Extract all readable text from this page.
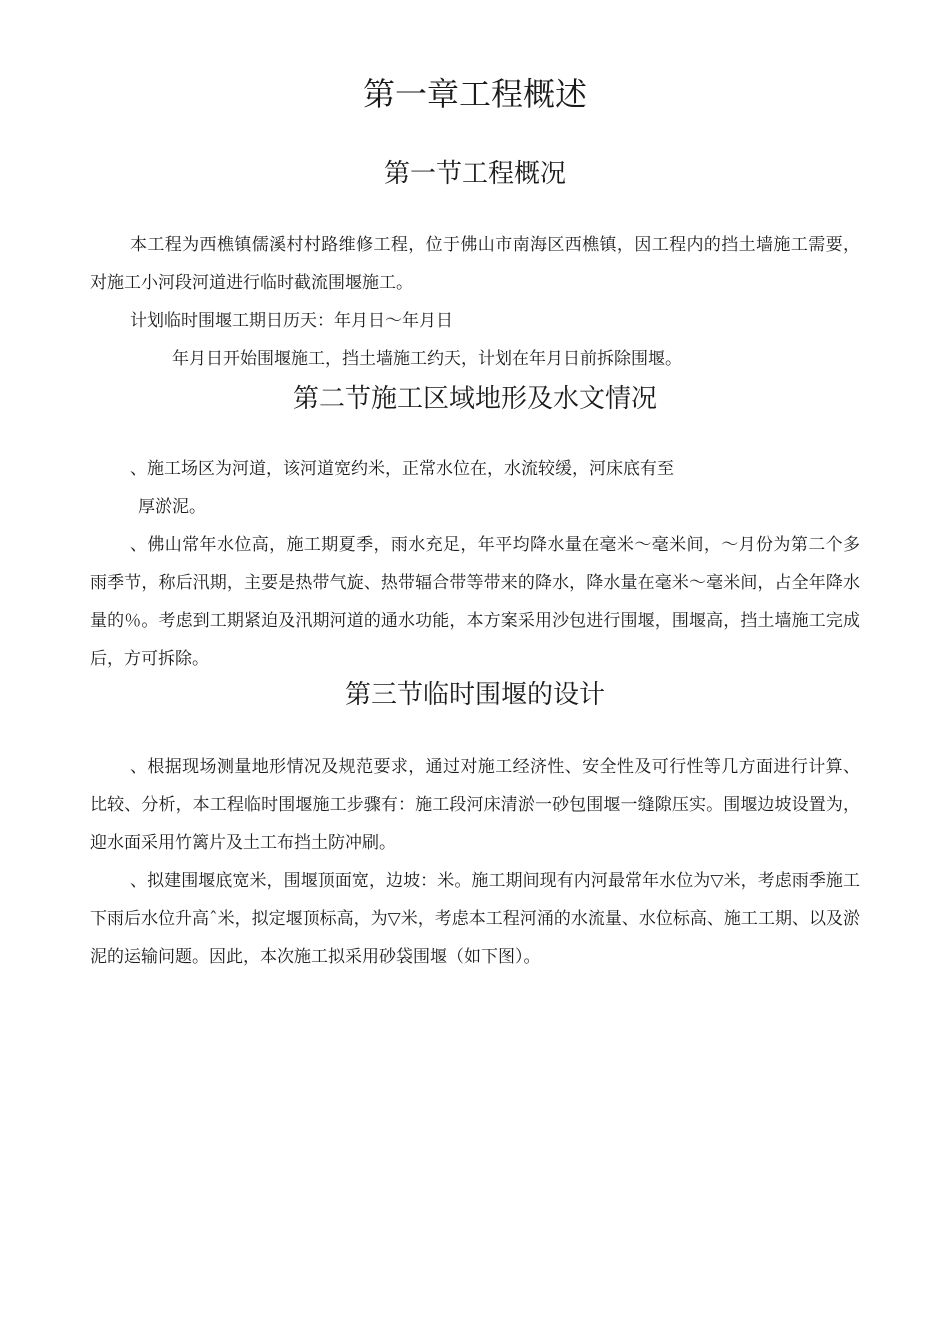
第一章工程概述
第一节工程概况

本工程为西樵镇儒溪村村路维修工程，位于佛山市南海区西樵镇，因工程内的挡土墙施工需要，对施工小河段河道进行临时截流围堰施工。

计划临时围堰工期日历天：年月日〜年月日

年月日开始围堰施工，挡土墙施工约天，计划在年月日前拆除围堰。

第二节施工区域地形及水文情况

、施工场区为河道，该河道宽约米，正常水位在，水流较缓，河床底有至

厚淤泥。

、佛山常年水位高，施工期夏季，雨水充足，年平均降水量在毫米〜毫米间，〜月份为第二个多雨季节，称后汛期，主要是热带气旋、热带辐合带等带来的降水，降水量在毫米〜毫米间，占全年降水量的％。考虑到工期紧迫及汛期河道的通水功能，本方案采用沙包进行围堰，围堰高，挡土墙施工完成后，方可拆除。

第三节临时围堰的设计

、根据现场测量地形情况及规范要求，通过对施工经济性、安全性及可行性等几方面进行计算、比较、分析，本工程临时围堰施工步骤有：施工段河床清淤一砂包围堰一缝隙压实。围堰边坡设置为，迎水面采用竹篱片及土工布挡土防冲刷。

、拟建围堰底宽米，围堰顶面宽，边坡：米。施工期间现有内河最常年水位为▽米，考虑雨季施工下雨后水位升高ˆ米，拟定堰顶标高，为▽米，考虑本工程河涌的水流量、水位标高、施工工期、以及淤泥的运输问题。因此，本次施工拟采用砂袋围堰（如下图）。
